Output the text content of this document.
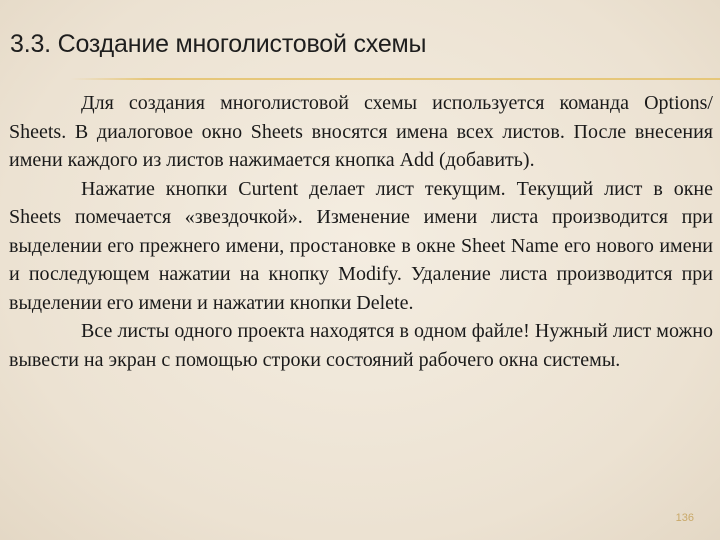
3.3. Создание многолистовой схемы

Для создания многолистовой схемы используется команда Options/ Sheets. В диалоговое окно Sheets вносятся имена всех листов. После внесения имени каждого из листов нажимается кнопка Add (добавить).

Нажатие кнопки Curtent делает лист текущим. Текущий лист в окне Sheets помечается «звездочкой». Изменение имени листа производится при выделении его прежнего имени, простановке в окне Sheet Name его нового имени и последующем нажатии на кнопку Modify. Удаление листа производится при выделении его имени и нажатии кнопки Delete.

Все листы одного проекта находятся в одном файле! Нужный лист можно вывести на экран с помощью строки состояний рабочего окна системы.

136
